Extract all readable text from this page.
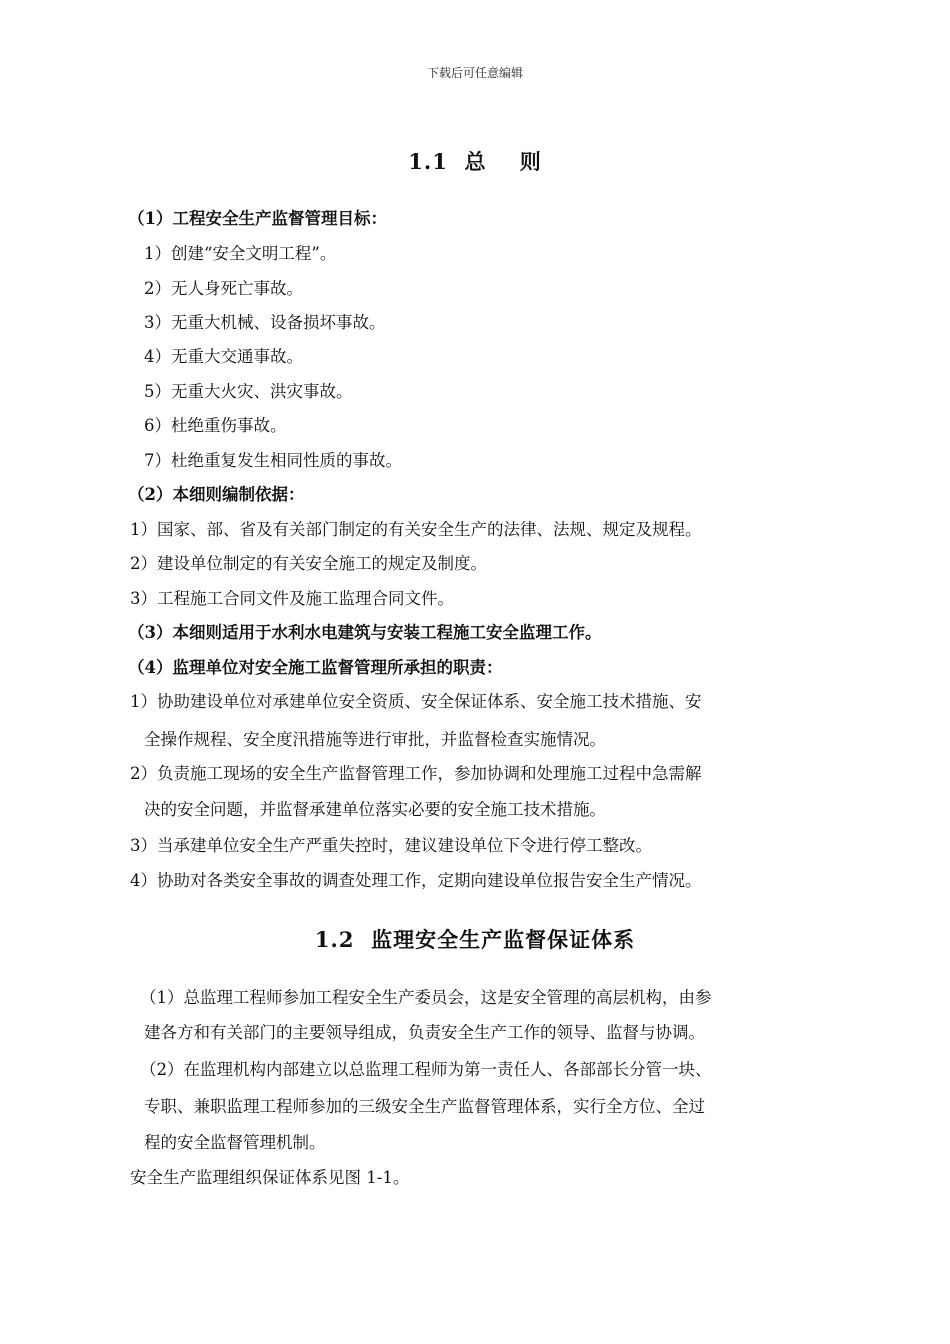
下载后可任意编辑
1.1  总    则
（1）工程安全生产监督管理目标：
1）创建“安全文明工程”。
2）无人身死亡事故。
3）无重大机械、设备损坏事故。
4）无重大交通事故。
5）无重大火灾、洪灾事故。
6）杜绝重伤事故。
7）杜绝重复发生相同性质的事故。
（2）本细则编制依据：
1）国家、部、省及有关部门制定的有关安全生产的法律、法规、规定及规程。
2）建设单位制定的有关安全施工的规定及制度。
3）工程施工合同文件及施工监理合同文件。
（3）本细则适用于水利水电建筑与安装工程施工安全监理工作。
（4）监理单位对安全施工监督管理所承担的职责：
1）协助建设单位对承建单位安全资质、安全保证体系、安全施工技术措施、安
全操作规程、安全度汛措施等进行审批，并监督检查实施情况。
2）负责施工现场的安全生产监督管理工作，参加协调和处理施工过程中急需解
决的安全问题，并监督承建单位落实必要的安全施工技术措施。
3）当承建单位安全生产严重失控时，建议建设单位下令进行停工整改。
4）协助对各类安全事故的调查处理工作，定期向建设单位报告安全生产情况。
1.2  监理安全生产监督保证体系
（1）总监理工程师参加工程安全生产委员会，这是安全管理的高层机构，由参
建各方和有关部门的主要领导组成，负责安全生产工作的领导、监督与协调。
（2）在监理机构内部建立以总监理工程师为第一责任人、各部部长分管一块、
专职、兼职监理工程师参加的三级安全生产监督管理体系，实行全方位、全过
程的安全监督管理机制。
安全生产监理组织保证体系见图 1-1。
